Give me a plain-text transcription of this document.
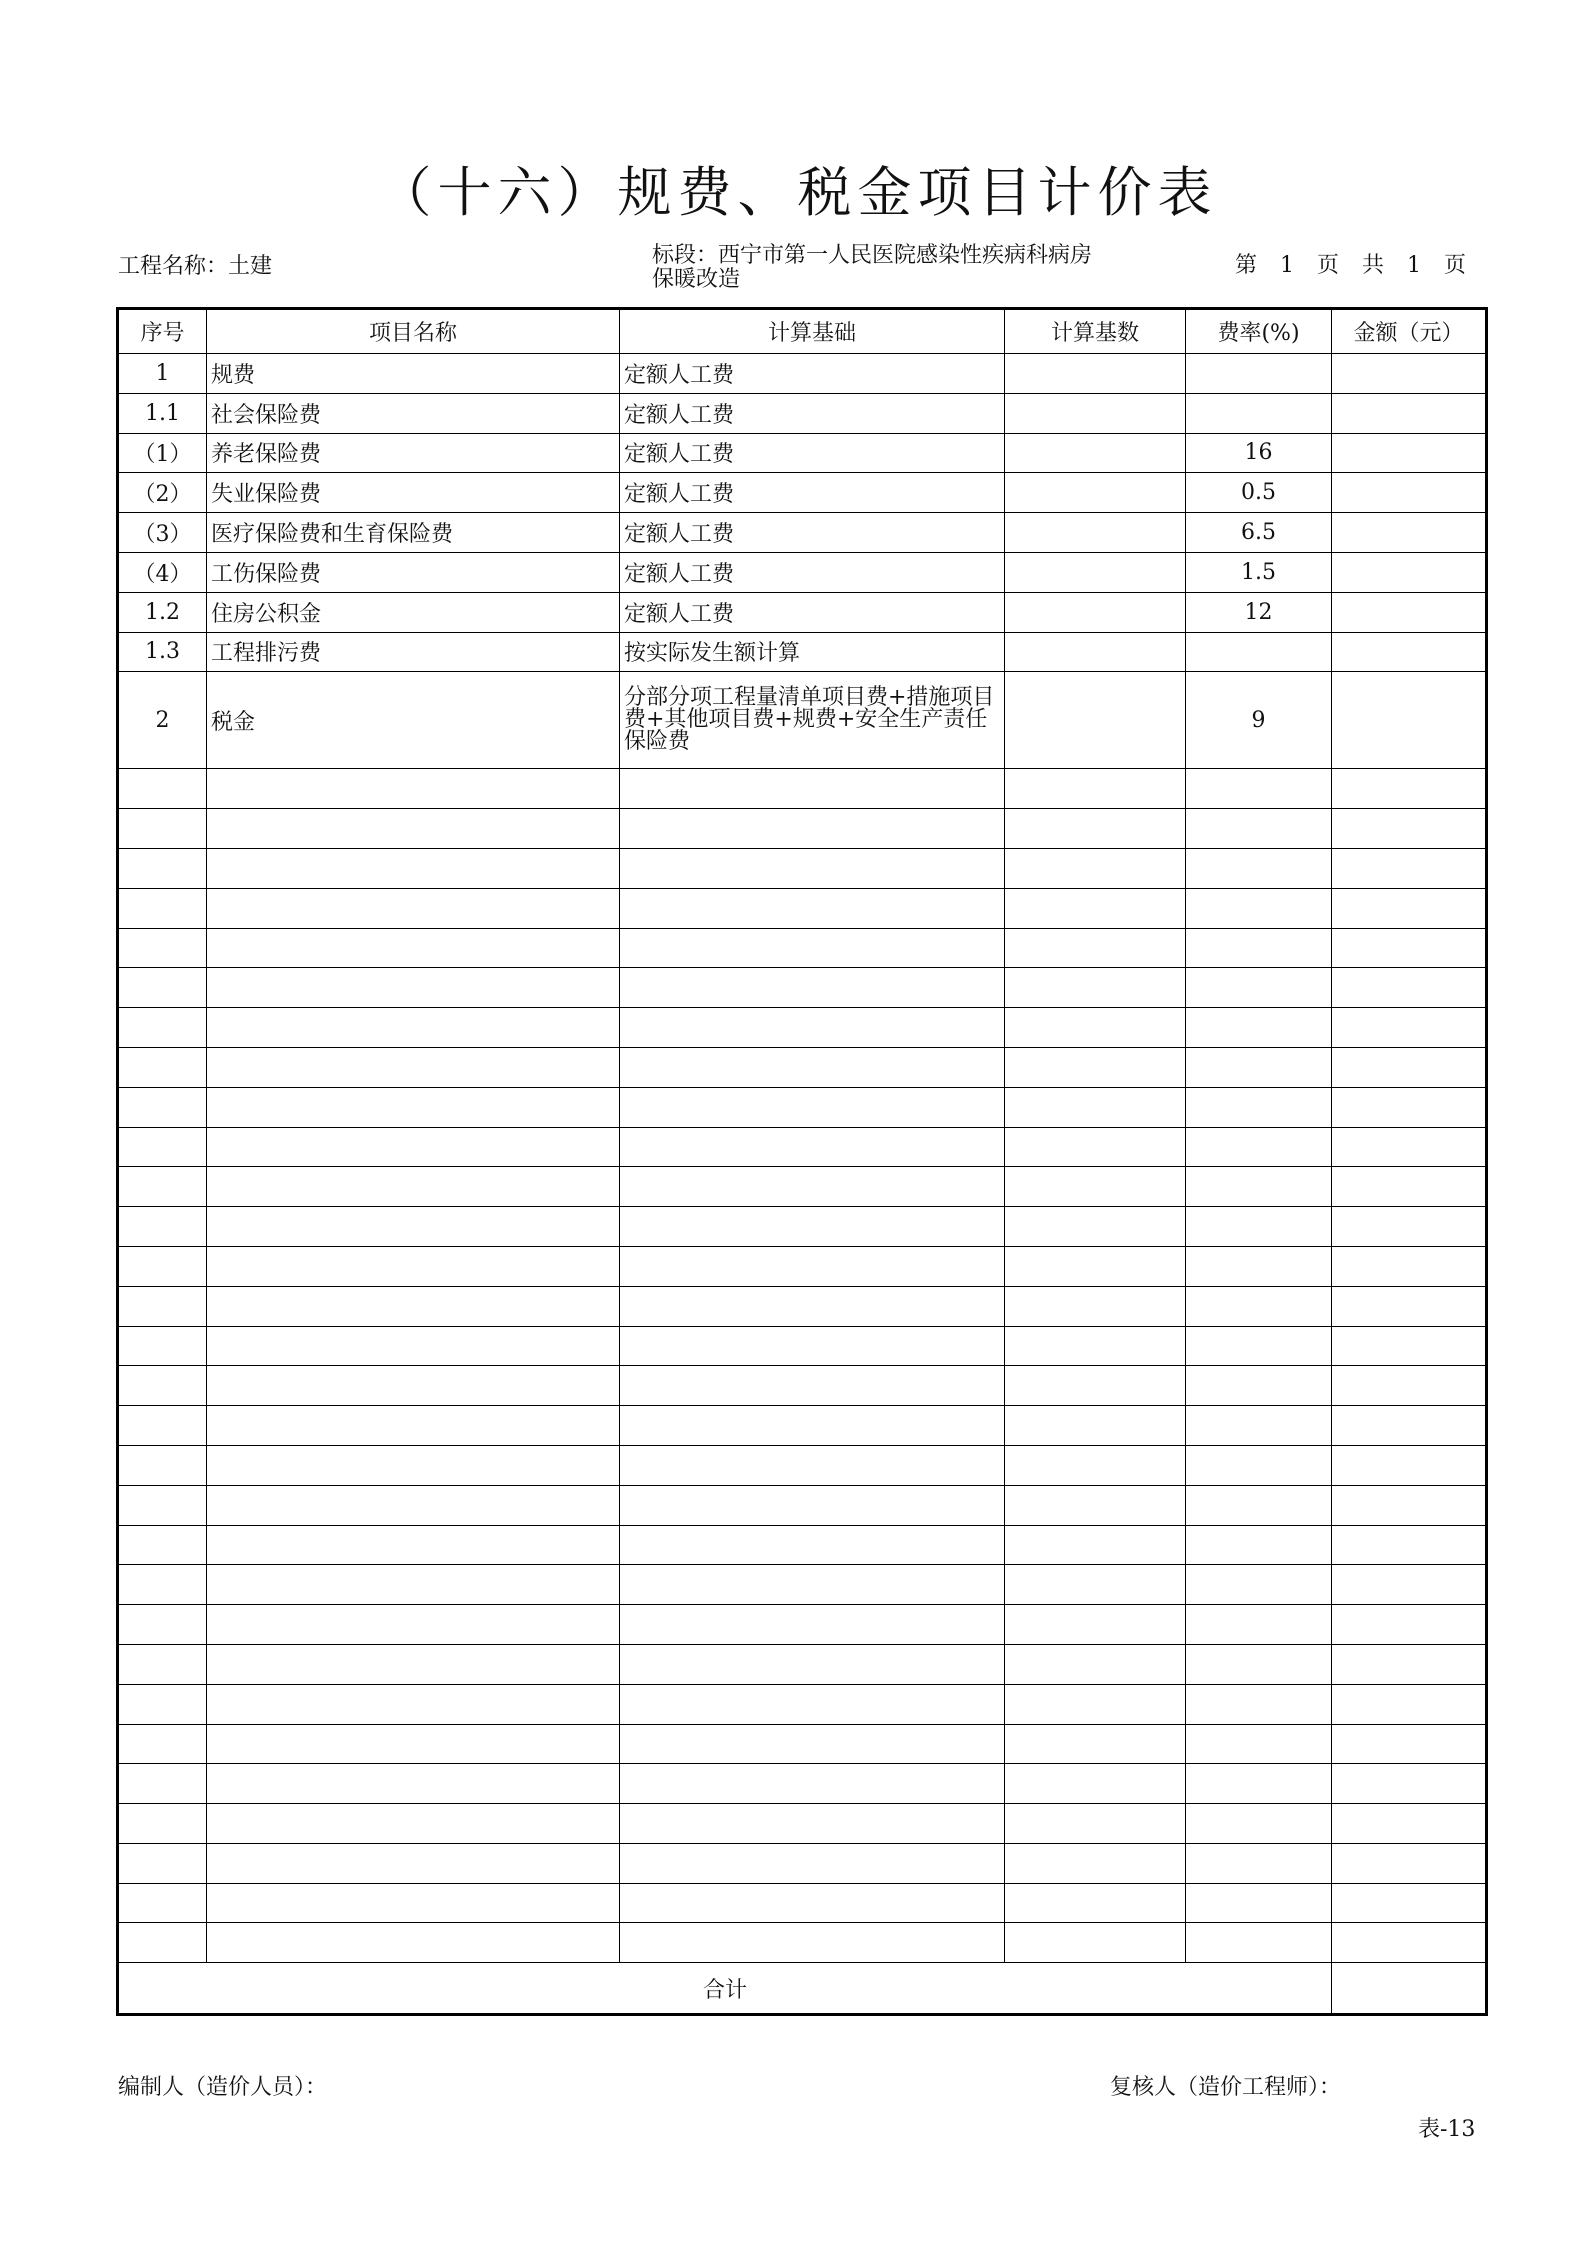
（十六）规费、税金项目计价表
工程名称：土建	标段：西宁市第一人民医院感染性疾病科病房保暖改造
第 1 页 共 1 页
序号	项目名称	计算基础	计算基数	费率(%)	金额（元）
1	规费	定额人工费			
1.1	社会保险费	定额人工费			
（1）	养老保险费	定额人工费		16	
（2）	失业保险费	定额人工费		0.5	
（3）	医疗保险费和生育保险费	定额人工费		6.5	
（4）	工伤保险费	定额人工费		1.5	
1.2	住房公积金	定额人工费		12	
1.3	工程排污费	按实际发生额计算			
2	税金	分部分项工程量清单项目费+措施项目费+其他项目费+规费+安全生产责任保险费		9	

合计					
编制人（造价人员）：	复核人（造价工程师）：
表-13
